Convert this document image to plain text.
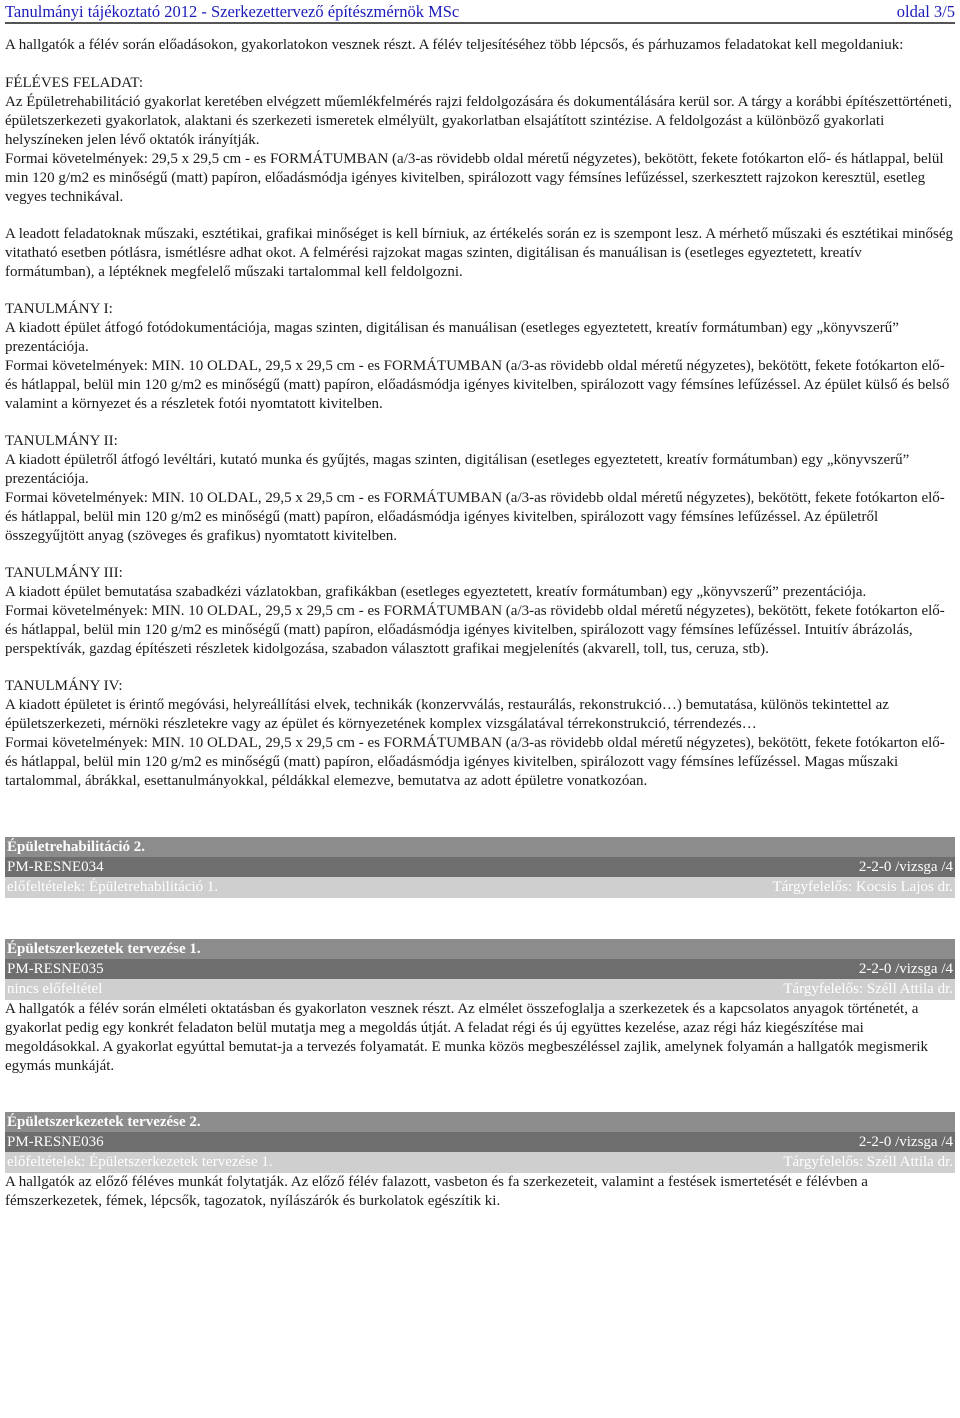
Tanulmányi tájékoztató 2012 - Szerkezettervező építészmérnök MSc	oldal 3/5

A hallgatók a félév során előadásokon, gyakorlatokon vesznek részt. A félév teljesítéséhez több lépcsős, és párhuzamos feladatokat kell megoldaniuk:

FÉLÉVES FELADAT:

Az Épületrehabilitáció gyakorlat keretében elvégzett műemlékfelmérés rajzi feldolgozására és dokumentálására kerül sor. A tárgy a korábbi építészettörténeti, épületszerkezeti gyakorlatok, alaktani és szerkezeti ismeretek elmélyült, gyakorlatban elsajátított szintézise. A feldolgozást a különböző gyakorlati helyszíneken jelen lévő oktatók irányítják.

Formai követelmények: 29,5 x 29,5 cm - es FORMÁTUMBAN (a/3-as rövidebb oldal méretű négyzetes), bekötött, fekete fotókarton elő- és hátlappal, belül min 120 g/m2 es minőségű (matt) papíron, előadásmódja igényes kivitelben, spirálozott vagy fémsínes lefűzéssel, szerkesztett rajzokon keresztül, esetleg vegyes technikával.

A leadott feladatoknak műszaki, esztétikai, grafikai minőséget is kell bírniuk, az értékelés során ez is szempont lesz. A mérhető műszaki és esztétikai minőség vitatható esetben pótlásra, ismétlésre adhat okot. A felmérési rajzokat magas szinten, digitálisan és manuálisan is (esetleges egyeztetett, kreatív formátumban), a léptéknek megfelelő műszaki tartalommal kell feldolgozni.

TANULMÁNY I:

A kiadott épület átfogó fotódokumentációja, magas szinten, digitálisan és manuálisan (esetleges egyeztetett, kreatív formátumban) egy „könyvszerű” prezentációja.

Formai követelmények: MIN. 10 OLDAL, 29,5 x 29,5 cm - es FORMÁTUMBAN (a/3-as rövidebb oldal méretű négyzetes), bekötött, fekete fotókarton elő- és hátlappal, belül min 120 g/m2 es minőségű (matt) papíron, előadásmódja igényes kivitelben, spirálozott vagy fémsínes lefűzéssel. Az épület külső és belső valamint a környezet és a részletek fotói nyomtatott kivitelben.

TANULMÁNY II:

A kiadott épületről átfogó levéltári, kutató munka és gyűjtés, magas szinten, digitálisan (esetleges egyeztetett, kreatív formátumban) egy „könyvszerű” prezentációja.

Formai követelmények: MIN. 10 OLDAL, 29,5 x 29,5 cm - es FORMÁTUMBAN (a/3-as rövidebb oldal méretű négyzetes), bekötött, fekete fotókarton elő- és hátlappal, belül min 120 g/m2 es minőségű (matt) papíron, előadásmódja igényes kivitelben, spirálozott vagy fémsínes lefűzéssel. Az épületről összegyűjtött anyag (szöveges és grafikus) nyomtatott kivitelben.

TANULMÁNY III:

A kiadott épület bemutatása szabadkézi vázlatokban, grafikákban (esetleges egyeztetett, kreatív formátumban) egy „könyvszerű” prezentációja.

Formai követelmények: MIN. 10 OLDAL, 29,5 x 29,5 cm - es FORMÁTUMBAN (a/3-as rövidebb oldal méretű négyzetes), bekötött, fekete fotókarton elő- és hátlappal, belül min 120 g/m2 es minőségű (matt) papíron, előadásmódja igényes kivitelben, spirálozott vagy fémsínes lefűzéssel. Intuitív ábrázolás, perspektívák, gazdag építészeti részletek kidolgozása, szabadon választott grafikai megjelenítés (akvarell, toll, tus, ceruza, stb).

TANULMÁNY IV:

A kiadott épületet is érintő megóvási, helyreállítási elvek, technikák (konzervválás, restaurálás, rekonstrukció…) bemutatása, különös tekintettel az épületszerkezeti, mérnöki részletekre vagy az épület és környezetének komplex vizsgálatával térrekonstrukció, térrendezés…

Formai követelmények: MIN. 10 OLDAL, 29,5 x 29,5 cm - es FORMÁTUMBAN (a/3-as rövidebb oldal méretű négyzetes), bekötött, fekete fotókarton elő- és hátlappal, belül min 120 g/m2 es minőségű (matt) papíron, előadásmódja igényes kivitelben, spirálozott vagy fémsínes lefűzéssel. Magas műszaki tartalommal, ábrákkal, esettanulmányokkal, példákkal elemezve, bemutatva az adott épületre vonatkozóan.

Épületrehabilitáció 2.
PM-RESNE034	2-2-0 /vizsga /4
előfeltételek: Épületrehabilitáció 1.	Tárgyfelelős: Kocsis Lajos dr.
Épületszerkezetek tervezése 1.
PM-RESNE035	2-2-0 /vizsga /4
nincs előfeltétel	Tárgyfelelős: Széll Attila dr.

A hallgatók a félév során elméleti oktatásban és gyakorlaton vesznek részt. Az elmélet összefoglalja a szerkezetek és a kapcsolatos anyagok történetét, a gyakorlat pedig egy konkrét feladaton belül mutatja meg a megoldás útját. A feladat régi és új együttes kezelése, azaz régi ház kiegészítése mai megoldásokkal. A gyakorlat egyúttal bemutat-ja a tervezés folyamatát. E munka közös megbeszéléssel zajlik, amelynek folyamán a hallgatók megismerik egymás munkáját.

Épületszerkezetek tervezése 2.
PM-RESNE036	2-2-0 /vizsga /4
előfeltételek: Épületszerkezetek tervezése 1.	Tárgyfelelős: Széll Attila dr.

A hallgatók az előző féléves munkát folytatják. Az előző félév falazott, vasbeton és fa szerkezeteit, valamint a festések ismertetését e félévben a fémszerkezetek, fémek, lépcsők, tagozatok, nyílászárók és burkolatok egészítik ki.
